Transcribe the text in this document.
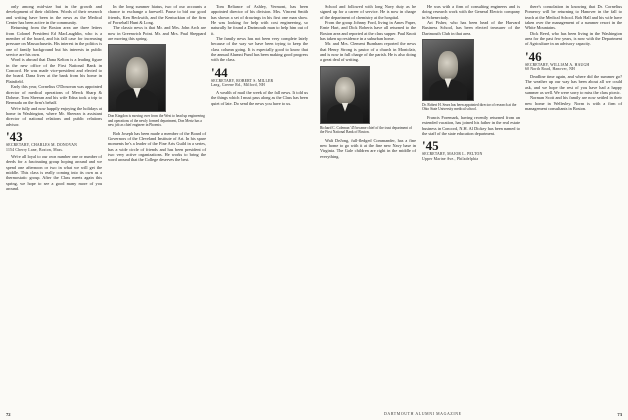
only among mid-size but in the growth and development of their children. Words of their research and writing have been in the news as the Medical Center has been active in the community.

Returning from the Boston area are three letters from Colonel President Ed MacLaughlin, who is a member of the board, and his fall case for increasing pressure on Massachusetts. His interest in the politics is one of family background but his interests in public service are his own.

Word is abroad that Dana Kelton is a leading figure in the new office of the First National Bank in Concord. He was made vice-president and elected to the board. Dana lives at the bank from his home in Plainfield.

Early this year, Cornelius O'Donovan was appointed director of medical operations of Merck Sharp & Dohme. Tom Sheeran and his wife Edna took a trip to Bermuda on the firm's behalf.

We're fully and now happily enjoying the holidays at home in Washington, where Mr. Sheeran is assistant director of national relations and public relations advisor.

'43
SECRETARY, CHARLES M. DONOVAN
1154 Cherry Lane, Boston, Mass.

We're all loyal to our own number one or number of deeds for a fascinating group hoping around and we spend one afternoon or two in what we will get the middle. This class is really coming into its own as a thermostatic group. After the Class meets again this spring, we hope to see a good many more of you around.

In the long summer hiatus, two of our accounts a chance to exchange a farewell. Pause to bid our good friends, Ken Beckwith, and the Kentuckian of the firm of Forseball Hunt & Long.

The classic news is that Mr. and Mrs. John Arch are now in Greenwich Point. Mr. and Mrs. Paul Sheppard are moving this spring.

Don Kingdon is moving over from the West to head up engineering and operations of the newly formed department, Don Mertz has a new job as chief engineer in Phoenix.

Bob Joseph has been made a member of the Board of Governors of the Cleveland Institute of Art. In his spare moments he's a leader of the Fine Arts Guild in a series, has a wide circle of friends and has been president of two very active organizations. He works to bring the word around that the College deserves the best.

Tom Reliance of Ashley, Vermont, has been appointed director of his division. Mrs. Vincent Smith has shown a set of drawings in his first one man show. He was looking for help with cost engineering, so naturally he found a Dartmouth man to help him out of it.

The family news has not been very complete lately because of the way we have been trying to keep the class column going. It is especially good to know that the annual Alumni Fund has been making good progress with the class.

'44
SECRETARY, ROBERT S. MILLER
Lang, Greene Rd., Milford, NH

A wealth of mail the week of the fall news. It told us the things which I must pass along as the Class has been quiet of late. Do send the news you have to us.

72

School and followed with long Navy duty as he signed up for a career of service. He is now in charge of the department of chemistry at the hospital.

From the group Johnny Ford, living in Ames Paper, Ernie Hart, and Dick Roberts have all returned to the Boston area and reported at the class supper. Paul Knott has taken up residence in a suburban home.

Mr. and Mrs. Clement Burnham reported the news that Henry Strong is pastor of a church in Montclair, and is now in full charge of the parish. He is also doing a great deal of writing.

Richard C. Coleman '45 became chief of the trust department of the First National Bank of Boston.

Walt DeJong, full-fledged Commander, has a fine new home to go with it at the fine new Navy base in Virginia. The Gale children are right in the middle of everything.

He was with a firm of consulting engineers and is doing research work with the General Electric company in Schenectady.

Art Fisher, who has been head of the Harvard Business School, has been elected treasurer of the Dartmouth Club in that area.

Dr. Robert H. Sears has been appointed director of research at the Ohio State University medical school.

Francis Foremark, having recently returned from an extended vacation, has joined his father in the real estate business in Concord, N.H. Al Dickey has been named to the staff of the state education department.

'45
SECRETARY, MAJOR L. PELTON
Upper Marine Ave., Philadelphia

there's consolation in knowing that Dr. Cornelius Pomeroy will be returning to Hanover in the fall to teach at the Medical School. Bob Hall and his wife have taken over the management of a summer resort in the White Mountains.

Dick Reed, who has been living in the Washington area for the past few years, is now with the Department of Agriculture in an advisory capacity.

'46
SECRETARY, WILLIAM A. HAUGH
60 North Road, Hanover, NH

Deadline time again, and where did the summer go? The weather up our way has been about all we could ask, and we hope the rest of you have had a happy summer as well. We were sorry to miss the class picnic.

Norman Scott and his family are now settled in their new home in Wellesley. Norm is with a firm of management consultants in Boston.

DARTMOUTH ALUMNI MAGAZINE	73
